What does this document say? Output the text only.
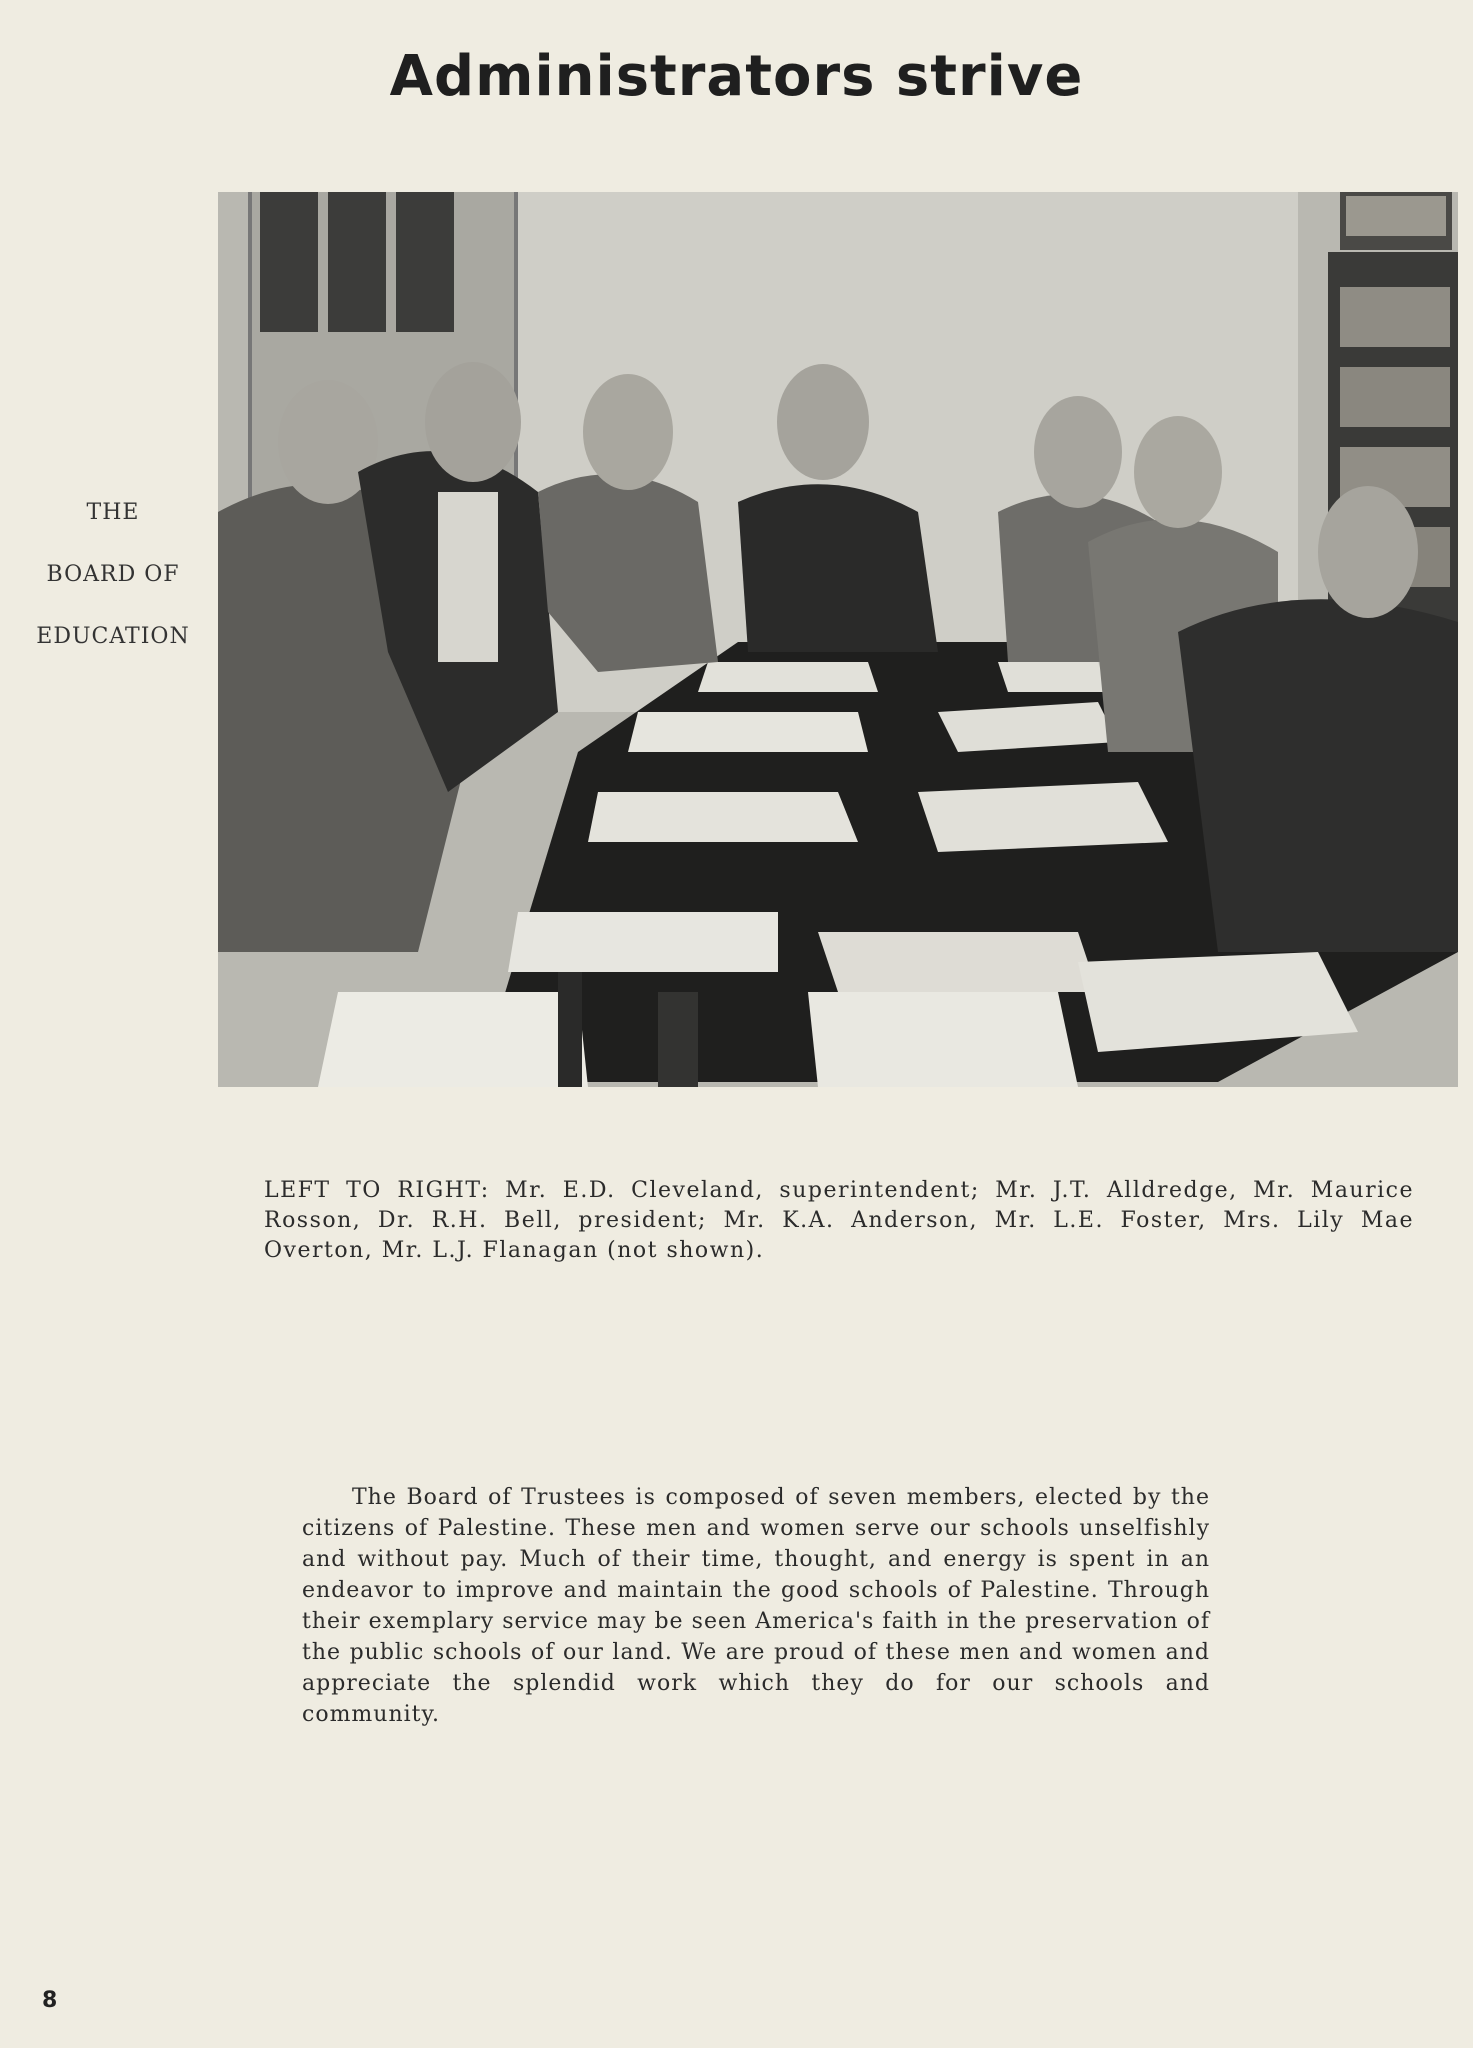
Administrators strive
THE
BOARD OF
EDUCATION
LEFT TO RIGHT: Mr. E.D. Cleveland, superintendent; Mr. J.T. Alldredge, Mr. Maurice Rosson, Dr. R.H. Bell, president; Mr. K.A. Anderson, Mr. L.E. Foster, Mrs. Lily Mae Overton, Mr. L.J. Flanagan (not shown).

The Board of Trustees is composed of seven members, elected by the citizens of Palestine. These men and women serve our schools unselfishly and without pay. Much of their time, thought, and energy is spent in an endeavor to improve and maintain the good schools of Palestine. Through their exemplary service may be seen America's faith in the preservation of the public schools of our land. We are proud of these men and women and appreciate the splendid work which they do for our schools and community.

8
